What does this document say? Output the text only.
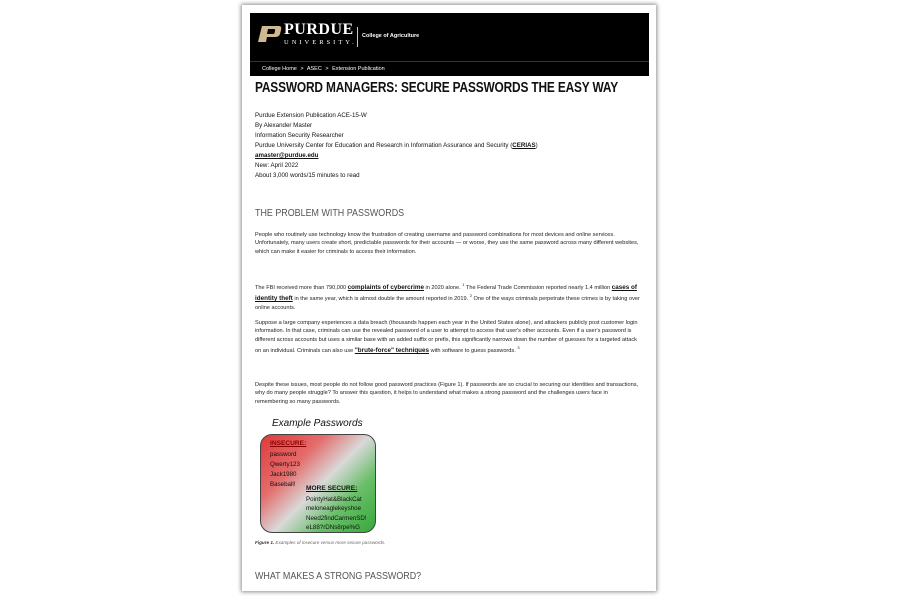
PURDUE
UNIVERSITY.
College of Agriculture
College Home > ASEC > Extension Publication
PASSWORD MANAGERS: SECURE PASSWORDS THE EASY WAY
Purdue Extension Publication ACE-15-W
By Alexander Master
Information Security Researcher
Purdue University Center for Education and Research in Information Assurance and Security (CERIAS)
amaster@purdue.edu
New: April 2022
About 3,000 words/15 minutes to read
THE PROBLEM WITH PASSWORDS
People who routinely use technology know the frustration of creating username and password combinations for most devices and online services. Unfortunately, many users create short, predictable passwords for their accounts — or worse, they use the same password across many different websites, which can make it easier for criminals to access their information.
The FBI received more than 790,000 complaints of cybercrime in 2020 alone. $^1$ The Federal Trade Commission reported nearly 1.4 million cases of identity theft in the same year, which is almost double the amount reported in 2019. $^2$ One of the ways criminals perpetrate these crimes is by taking over online accounts.
Suppose a large company experiences a data breach (thousands happen each year in the United States alone), and attackers publicly post customer login information. In that case, criminals can use the revealed password of a user to attempt to access that user's other accounts. Even if a user's password is different across accounts but uses a similar base with an added suffix or prefix, this significantly narrows down the number of guesses for a targeted attack on an individual. Criminals can also use "brute-force" techniques with software to guess passwords. $^3$
Despite these issues, most people do not follow good password practices (Figure 1). If passwords are so crucial to securing our identities and transactions, why do many people struggle? To answer this question, it helps to understand what makes a strong password and the challenges users face in remembering so many passwords.
Example Passwords
INSECURE:
password
Qwerty123
Jack1980
Baseball!
MORE SECURE:
PointyHat&BlackCat
meloneaglekeyshoe
Need2findCarmenSD!
eL88?rDNs8rpe%G
Figure 1. Examples of insecure versus more secure passwords.
WHAT MAKES A STRONG PASSWORD?
